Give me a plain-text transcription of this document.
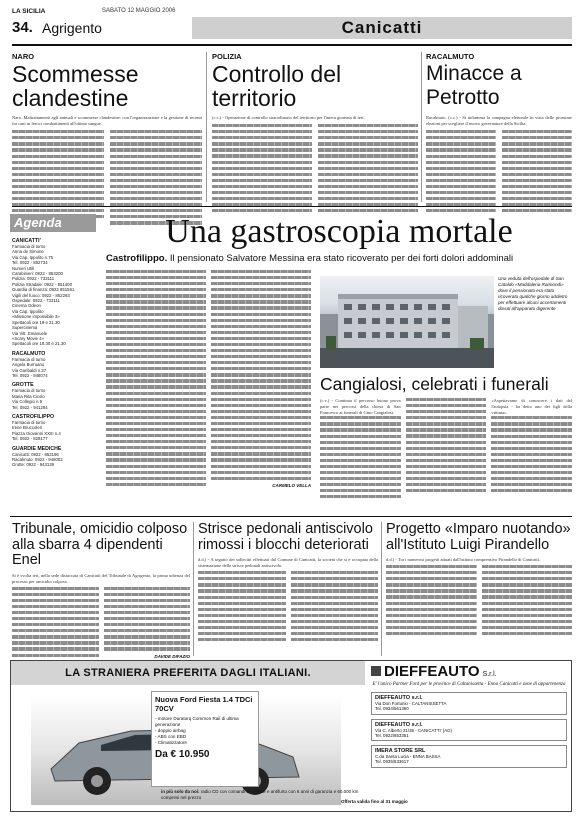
LA SICILIA	SABATO 12 MAGGIO 2006
34. Agrigento	Canicatti
NARO
Scommesse clandestine
Naro. Maltrattamenti agli animali e scommesse clandestine: con l'organizzazione e la gestione di recenti fra cani in feroci combattimenti all'ultimo sangue.
POLIZIA
Controllo del territorio
(c.c.) - Operazione di controllo straordinario del territorio per l'intera giornata di ieri.
RACALMUTO
Minacce a Petrotto
Racalmuto. (c.c.) - Si infiamma la campagna elettorale in vista delle prossime elezioni per scegliere il nuovo governatore della Sicilia.
Agenda
CANICATTI'
Farmacia di turno
Anna de Simone
Via Cap. Ippolito n.75
Tel. 0922 - 852734
Numeri Utili
Carabinieri: 0922 - 853200
Polizia: 0922 - 733111
Polizia Stradale: 0922 - 851400
Guardia di finanza: 0922 851561
Vigili del fuoco: 0922 - 852293
Ospedale: 0922 - 733111
Cinema Odeon
Via Cap. Ippolito
«Missione impossibile 3»
Spettacoli ore 19 e 21.30
Supercinema
Via Vitt. Emanuele
«Scary Movie 4»
Spettacoli ore 19.30 e 21.30
RACALMUTO
Farmacia di turno
Angela Burruano
Via Garibaldi n.37
Tel. 0922 - 948074
GROTTE
Farmacia di turno
Maria Rita Cicolo
Via Collegio n.9
Tel. 0922 - 941284
CASTROFILIPPO
Farmacia di turno
Irene Bruccoleri
Piazza Giovanni XXIII n.4
Tel. 0922 - 829177
GUARDIE MEDICHE
Canicatti: 0922 - 853196
Racalmuto: 0922 - 948002
Grotte: 0922 - 943139
Una gastroscopia mortale
Castrofilippo. Il pensionato Salvatore Messina era stato ricoverato per dei forti dolori addominali
CARMELO VELLA
Una veduta dell'ospedale di San Cataldo «Maddalena Raimondi» dove il pensionato era stato ricoverato qualche giorno addietro per effettuare alcuni accertamenti dovuti all'apparato digerente
Cangialosi, celebrati i funerali
(c.v.) - Continua il percorso buono prova parte nei percorsi della chiesa di San Francesco ai funerali di Gino Cangialosi.
«Aspettavamo di conoscere i dati del l'autopsia - ha detto uno dei figli della vittima».
Tribunale, omicidio colposo alla sbarra 4 dipendenti Enel
Si è svolta ieri, nella sede distaccata di Canicattì del Tribunale di Agrigento, la prima udienza del processo per omicidio colposo.
DAVIDE DIFAZIO
Strisce pedonali antiscivolo rimossi i blocchi deteriorati
d.d.) - A seguito dei sollecitti effettuati dal Comune di Canicattì, la società che si è occupata della sistemazione delle strisce pedonali antiscivolo.
Progetto «Imparo nuotando» all'Istituto Luigi Pirandello
d.d.) - Tra i numerosi progetti attuati dall'istituto comprensivo Pirandello di Canicattì.
LA STRANIERA PREFERITA DAGLI ITALIANI.
Nuova Ford Fiesta 1.4 TDCi 70CV
- motore Duratorq Common Rail di ultima generazione
- doppio airbag
- ABS con EBD
- Climatizzatore
Da € 10.950
in più solo da noi: radio CD con comandi al volante e antifurto con 6 anni di garanzia e 60.000 km compresi nel prezzo
DIEFFEAUTO S.r.l.
E' l'unico Partner Ford per le province di Caltanissetta - Enna Canicattì e zone di appartenenza
DIEFFEAUTO s.r.l.
Via Don Fortunio - CALTANISSETTA
Tel. 0934/561360
DIEFFEAUTO s.r.l.
Via C. Alberto 21/39 - CANICATTI' (AG)
Tel. 0922/853351
IMERA STORE SRL
C.da Santa Lucia - ENNA BASSA
Tel. 0935/533617
Offerta valida fino al 31 maggio
